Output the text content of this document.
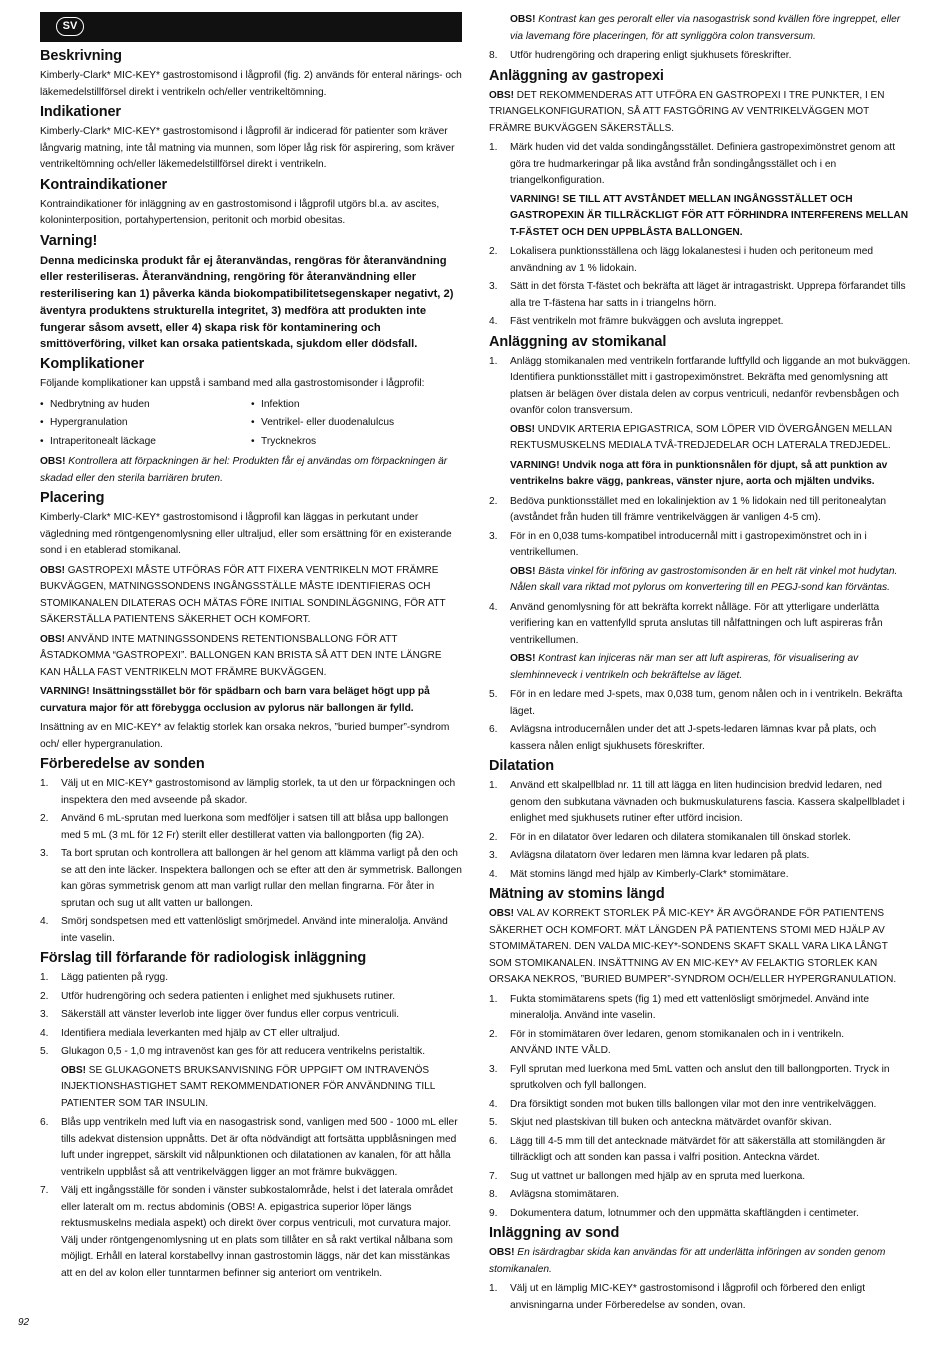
SV
Beskrivning

Kimberly-Clark* MIC-KEY* gastrostomisond i lågprofil (fig. 2) används för enteral närings- och läkemedelstillförsel direkt i ventrikeln och/eller ventrikeltömning.

Indikationer

Kimberly-Clark* MIC-KEY* gastrostomisond i lågprofil är indicerad för patienter som kräver långvarig matning, inte tål matning via munnen, som löper låg risk för aspirering, som kräver ventrikeltömning och/eller läkemedelstillförsel direkt i ventrikeln.

Kontraindikationer

Kontraindikationer för inläggning av en gastrostomisond i lågprofil utgörs bl.a. av ascites, koloninterposition, portahypertension, peritonit och morbid obesitas.

Varning!

Denna medicinska produkt får ej återanvändas, rengöras för återanvändning eller resteriliseras. Återanvändning, rengöring för återanvändning eller resterilisering kan 1) påverka kända biokompatibilitetsegenskaper negativt, 2) äventyra produktens strukturella integritet, 3) medföra att produkten inte fungerar såsom avsett, eller 4) skapa risk för kontaminering och smittöverföring, vilket kan orsaka patientskada, sjukdom eller dödsfall.

Komplikationer

Följande komplikationer kan uppstå i samband med alla gastrostomisonder i lågprofil:

• Nedbrytning av huden	• Infektion
• Hypergranulation	• Ventrikel- eller duodenalulcus
• Intraperitonealt läckage	• Trycknekros

OBS! Kontrollera att förpackningen är hel: Produkten får ej användas om förpackningen är skadad eller den sterila barriären bruten.

Placering

Kimberly-Clark* MIC-KEY* gastrostomisond i lågprofil kan läggas in perkutant under vägledning med röntgengenomlysning eller ultraljud, eller som ersättning för en existerande sond i en etablerad stomikanal.

OBS! GASTROPEXI MÅSTE UTFÖRAS FÖR ATT FIXERA VENTRIKELN MOT FRÄMRE BUKVÄGGEN, MATNINGSSONDENS INGÅNGSSTÄLLE MÅSTE IDENTIFIERAS OCH STOMIKANALEN DILATERAS OCH MÄTAS FÖRE INITIAL SONDINLÄGGNING, FÖR ATT SÄKERSTÄLLA PATIENTENS SÄKERHET OCH KOMFORT.

OBS! ANVÄND INTE MATNINGSSONDENS RETENTIONSBALLONG FÖR ATT ÅSTADKOMMA “GASTROPEXI”. BALLONGEN KAN BRISTA SÅ ATT DEN INTE LÄNGRE KAN HÅLLA FAST VENTRIKELN MOT FRÄMRE BUKVÄGGEN.

VARNING! Insättningsstället bör för spädbarn och barn vara beläget högt upp på curvatura major för att förebygga occlusion av pylorus när ballongen är fylld.

Insättning av en MIC-KEY* av felaktig storlek kan orsaka nekros, ”buried bumper”-syndrom och/ eller hypergranulation.

Förberedelse av sonden
1. Välj ut en MIC-KEY* gastrostomisond av lämplig storlek, ta ut den ur förpackningen och inspektera den med avseende på skador.
2. Använd 6 mL-sprutan med luerkona som medföljer i satsen till att blåsa upp ballongen med 5 mL (3 mL för 12 Fr) sterilt eller destillerat vatten via ballongporten (fig 2A).
3. Ta bort sprutan och kontrollera att ballongen är hel genom att klämma varligt på den och se att den inte läcker. Inspektera ballongen och se efter att den är symmetrisk. Ballongen kan göras symmetrisk genom att man varligt rullar den mellan fingrarna. För åter in sprutan och sug ut allt vatten ur ballongen.
4. Smörj sondspetsen med ett vattenlösligt smörjmedel. Använd inte mineralolja. Använd inte vaselin.
Förslag till förfarande för radiologisk inläggning
1. Lägg patienten på rygg.
2. Utför hudrengöring och sedera patienten i enlighet med sjukhusets rutiner.
3. Säkerställ att vänster leverlob inte ligger över fundus eller corpus ventriculi.
4. Identifiera mediala leverkanten med hjälp av CT eller ultraljud.
5. Glukagon 0,5 - 1,0 mg intravenöst kan ges för att reducera ventrikelns peristaltik.
OBS! SE GLUKAGONETS BRUKSANVISNING FÖR UPPGIFT OM INTRAVENÖS INJEKTIONSHASTIGHET SAMT REKOMMENDATIONER FÖR ANVÄNDNING TILL PATIENTER SOM TAR INSULIN.
6. Blås upp ventrikeln med luft via en nasogastrisk sond, vanligen med 500 - 1000 mL eller tills adekvat distension uppnåtts. Det är ofta nödvändigt att fortsätta uppblåsningen med luft under ingreppet, särskilt vid nålpunktionen och dilatationen av kanalen, för att hålla ventrikeln uppblåst så att ventrikelväggen ligger an mot främre bukväggen.
7. Välj ett ingångsställe för sonden i vänster subkostalområde, helst i det laterala området eller lateralt om m. rectus abdominis (OBS! A. epigastrica superior löper längs rektusmuskelns mediala aspekt) och direkt över corpus ventriculi, mot curvatura major. Välj under röntgengenomlysning ut en plats som tillåter en så rakt vertikal nålbana som möjligt. Erhåll en lateral korstabellvy innan gastrostomin läggs, när det kan misstänkas att en del av kolon eller tunntarmen befinner sig anteriort om ventrikeln.

OBS! Kontrast kan ges peroralt eller via nasogastrisk sond kvällen före ingreppet, eller via lavemang före placeringen, för att synliggöra colon transversum.

8. Utför hudrengöring och drapering enligt sjukhusets föreskrifter.
Anläggning av gastropexi

OBS! DET REKOMMENDERAS ATT UTFÖRA EN GASTROPEXI I TRE PUNKTER, I EN TRIANGELKONFIGURATION, SÅ ATT FASTGÖRING AV VENTRIKELVÄGGEN MOT FRÄMRE BUKVÄGGEN SÄKERSTÄLLS.

1. Märk huden vid det valda sondingångsstället. Definiera gastropeximönstret genom att göra tre hudmarkeringar på lika avstånd från sondingångsstället och i en triangelkonfiguration.
VARNING! SE TILL ATT AVSTÅNDET MELLAN INGÅNGSSTÄLLET OCH GASTROPEXIN ÄR TILLRÄCKLIGT FÖR ATT FÖRHINDRA INTERFERENS MELLAN T-FÄSTET OCH DEN UPPBLÅSTA BALLONGEN.
2. Lokalisera punktionsställena och lägg lokalanestesi i huden och peritoneum med användning av 1 % lidokain.
3. Sätt in det första T-fästet och bekräfta att läget är intragastriskt. Upprepa förfarandet tills alla tre T-fästena har satts in i triangelns hörn.
4. Fäst ventrikeln mot främre bukväggen och avsluta ingreppet.
Anläggning av stomikanal
1. Anlägg stomikanalen med ventrikeln fortfarande luftfylld och liggande an mot bukväggen. Identifiera punktionsstället mitt i gastropeximönstret. Bekräfta med genomlysning att platsen är belägen över distala delen av corpus ventriculi, nedanför revbensbågen och ovanför colon transversum.
OBS! UNDVIK ARTERIA EPIGASTRICA, SOM LÖPER VID ÖVERGÅNGEN MELLAN REKTUSMUSKELNS MEDIALA TVÅ-TREDJEDELAR OCH LATERALA TREDJEDEL.
VARNING! Undvik noga att föra in punktionsnålen för djupt, så att punktion av ventrikelns bakre vägg, pankreas, vänster njure, aorta och mjälten undviks.
2. Bedöva punktionsstället med en lokalinjektion av 1 % lidokain ned till peritonealytan (avståndet från huden till främre ventrikelväggen är vanligen 4-5 cm).
3. För in en 0,038 tums-kompatibel introducernål mitt i gastropeximönstret och in i ventrikellumen.
OBS! Bästa vinkel för införing av gastrostomisonden är en helt rät vinkel mot hudytan. Nålen skall vara riktad mot pylorus om konvertering till en PEGJ-sond kan förväntas.
4. Använd genomlysning för att bekräfta korrekt nålläge. För att ytterligare underlätta verifiering kan en vattenfylld spruta anslutas till nålfattningen och luft aspireras från ventrikellumen.
OBS! Kontrast kan injiceras när man ser att luft aspireras, för visualisering av slemhinneveck i ventrikeln och bekräftelse av läget.
5. För in en ledare med J-spets, max 0,038 tum, genom nålen och in i ventrikeln. Bekräfta läget.
6. Avlägsna introducernålen under det att J-spets-ledaren lämnas kvar på plats, och kassera nålen enligt sjukhusets föreskrifter.
Dilatation
1. Använd ett skalpellblad nr. 11 till att lägga en liten hudincision bredvid ledaren, ned genom den subkutana vävnaden och bukmuskulaturens fascia. Kassera skalpellbladet i enlighet med sjukhusets rutiner efter utförd incision.
2. För in en dilatator över ledaren och dilatera stomikanalen till önskad storlek.
3. Avlägsna dilatatorn över ledaren men lämna kvar ledaren på plats.
4. Mät stomins längd med hjälp av Kimberly-Clark* stomimätare.
Mätning av stomins längd

OBS! VAL AV KORREKT STORLEK PÅ MIC-KEY* ÄR AVGÖRANDE FÖR PATIENTENS SÄKERHET OCH KOMFORT. MÄT LÄNGDEN PÅ PATIENTENS STOMI MED HJÄLP AV STOMIMÄTAREN. DEN VALDA MIC-KEY*-SONDENS SKAFT SKALL VARA LIKA LÅNGT SOM STOMIKANALEN. INSÄTTNING AV EN MIC-KEY* AV FELAKTIG STORLEK KAN ORSAKA NEKROS, ”BURIED BUMPER”-SYNDROM OCH/ELLER HYPERGRANULATION.

1. Fukta stomimätarens spets (fig 1) med ett vattenlösligt smörjmedel. Använd inte mineralolja. Använd inte vaselin.
2. För in stomimätaren över ledaren, genom stomikanalen och in i ventrikeln.
ANVÄND INTE VÅLD.
3. Fyll sprutan med luerkona med 5mL vatten och anslut den till ballongporten. Tryck in sprutkolven och fyll ballongen.
4. Dra försiktigt sonden mot buken tills ballongen vilar mot den inre ventrikelväggen.
5. Skjut ned plastskivan till buken och anteckna mätvärdet ovanför skivan.
6. Lägg till 4-5 mm till det antecknade mätvärdet för att säkerställa att stomilängden är tillräckligt och att sonden kan passa i valfri position. Anteckna värdet.
7. Sug ut vattnet ur ballongen med hjälp av en spruta med luerkona.
8. Avlägsna stomimätaren.
9. Dokumentera datum, lotnummer och den uppmätta skaftlängden i centimeter.
Inläggning av sond

OBS! En isärdragbar skida kan användas för att underlätta införingen av sonden genom stomikanalen.

1. Välj ut en lämplig MIC-KEY* gastrostomisond i lågprofil och förbered den enligt anvisningarna under Förberedelse av sonden, ovan.
92
